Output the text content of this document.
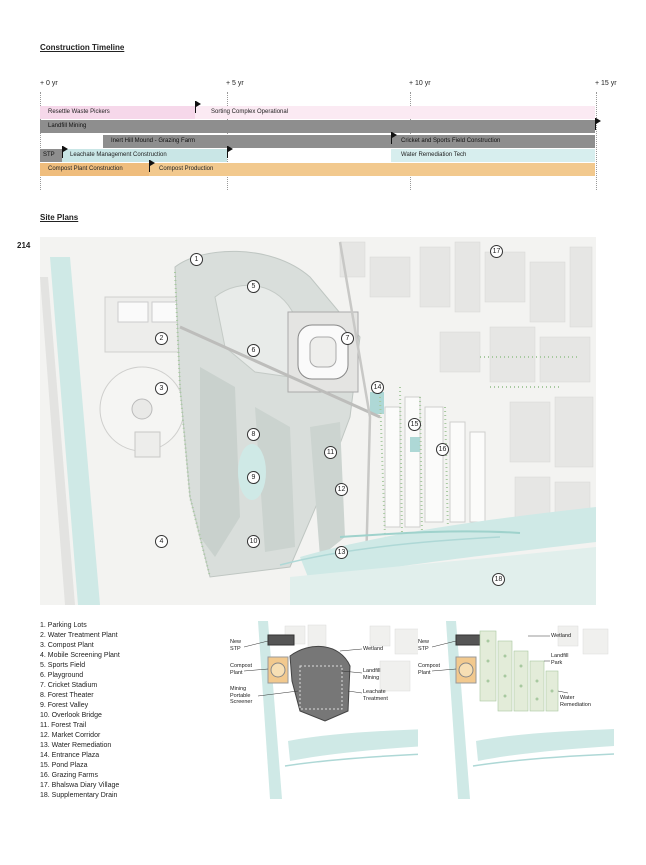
Construction Timeline
+ 0 yr	+ 5 yr	+ 10 yr	+ 15 yr
Resettle Waste Pickers	Sorting Complex Operational
Landfill Mining
Inert Hill Mound - Grazing Farm	Cricket and Sports Field Construction
STP	Leachate Management Construction	Water Remediation Tech
Compost Plant Construction	Compost Production
214
Site Plans
1
2
3
4
5
6
7
8
9
10
11
12
13
14
15
16
17
18
1. Parking Lots
2. Water Treatment Plant
3. Compost Plant
4. Mobile Screening Plant
5. Sports Field
6. Playground
7. Cricket Stadium
8. Forest Theater
9. Forest Valley
10. Overlook Bridge
11. Forest Trail
12. Market Corridor
13. Water Remediation
14. Entrance Plaza
15. Pond Plaza
16. Grazing Farms
17. Bhalswa Diary Village
18. Supplementary Drain
New
STP
Compost
Plant
Mining
Portable
Screener
Wetland
Landfill
Mining
Leachate
Treatment
New
STP
Compost
Plant
Wetland
Landfill
Park
Water
Remediation
